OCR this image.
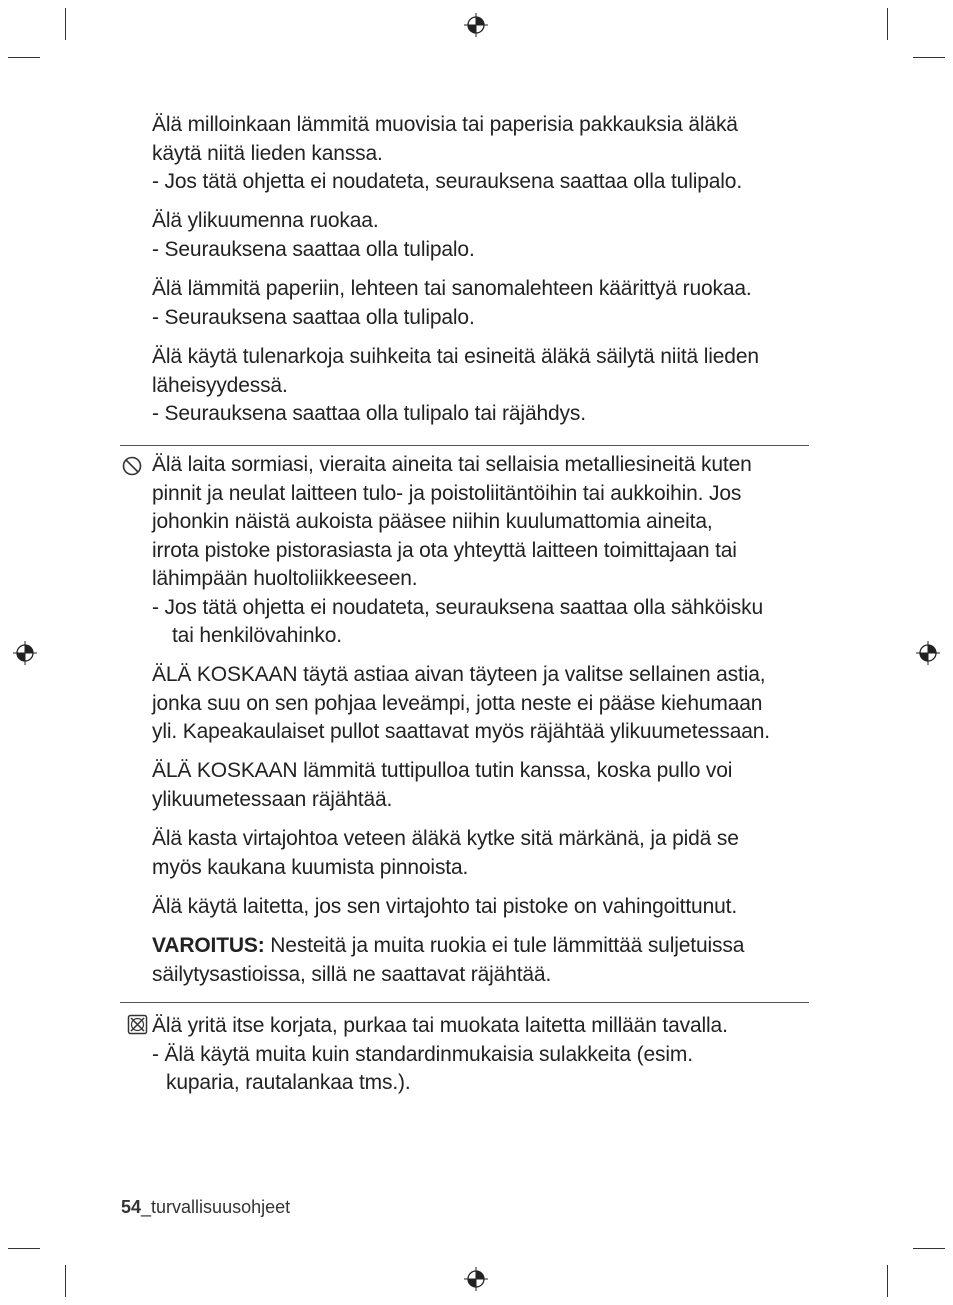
Älä milloinkaan lämmitä muovisia tai paperisia pakkauksia äläkä
käytä niitä lieden kanssa.
- Jos tätä ohjetta ei noudateta, seurauksena saattaa olla tulipalo.
Älä ylikuumenna ruokaa.
- Seurauksena saattaa olla tulipalo.
Älä lämmitä paperiin, lehteen tai sanomalehteen käärittyä ruokaa.
- Seurauksena saattaa olla tulipalo.
Älä käytä tulenarkoja suihkeita tai esineitä äläkä säilytä niitä lieden
läheisyydessä.
- Seurauksena saattaa olla tulipalo tai räjähdys.
Älä laita sormiasi, vieraita aineita tai sellaisia metalliesineitä kuten
pinnit ja neulat laitteen tulo- ja poistoliitäntöihin tai aukkoihin. Jos
johonkin näistä aukoista pääsee niihin kuulumattomia aineita,
irrota pistoke pistorasiasta ja ota yhteyttä laitteen toimittajaan tai
lähimpään huoltoliikkeeseen.
- Jos tätä ohjetta ei noudateta, seurauksena saattaa olla sähköisku
tai henkilövahinko.
ÄLÄ KOSKAAN täytä astiaa aivan täyteen ja valitse sellainen astia,
jonka suu on sen pohjaa leveämpi, jotta neste ei pääse kiehumaan
yli. Kapeakaulaiset pullot saattavat myös räjähtää ylikuumetessaan.
ÄLÄ KOSKAAN lämmitä tuttipulloa tutin kanssa, koska pullo voi
ylikuumetessaan räjähtää.
Älä kasta virtajohtoa veteen äläkä kytke sitä märkänä, ja pidä se
myös kaukana kuumista pinnoista.
Älä käytä laitetta, jos sen virtajohto tai pistoke on vahingoittunut.
VAROITUS: Nesteitä ja muita ruokia ei tule lämmittää suljetuissa
säilytysastioissa, sillä ne saattavat räjähtää.
Älä yritä itse korjata, purkaa tai muokata laitetta millään tavalla.
- Älä käytä muita kuin standardinmukaisia sulakkeita (esim.
kuparia, rautalankaa tms.).
54_turvallisuusohjeet
